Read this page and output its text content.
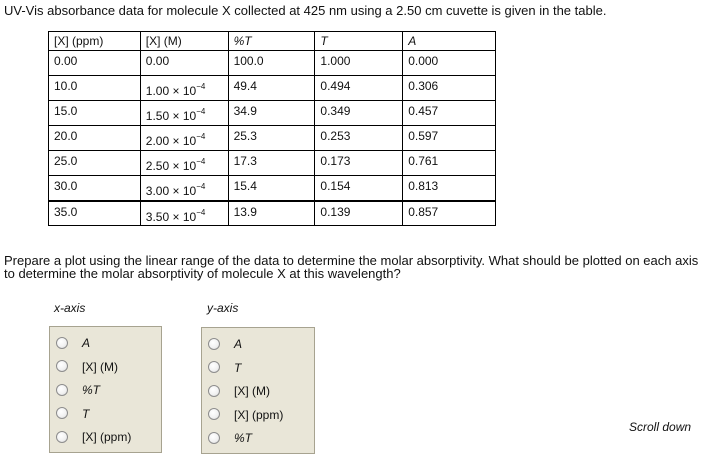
UV-Vis absorbance data for molecule X collected at 425 nm using a 2.50 cm cuvette is given in the table.
[X] (ppm)	[X] (M)	%T	T	A
0.00	0.00	100.0	1.000	0.000
10.0	$1.00 \times 10^{-4}$	49.4	0.494	0.306
15.0	$1.50 \times 10^{-4}$	34.9	0.349	0.457
20.0	$2.00 \times 10^{-4}$	25.3	0.253	0.597
25.0	$2.50 \times 10^{-4}$	17.3	0.173	0.761
30.0	$3.00 \times 10^{-4}$	15.4	0.154	0.813
35.0	$3.50 \times 10^{-4}$	13.9	0.139	0.857
Prepare a plot using the linear range of the data to determine the molar absorptivity. What should be plotted on each axis to determine the molar absorptivity of molecule X at this wavelength?
x-axis	y-axis
A
[X] (M)
%T
T
[X] (ppm)
A
T
[X] (M)
[X] (ppm)
%T
Scroll down
